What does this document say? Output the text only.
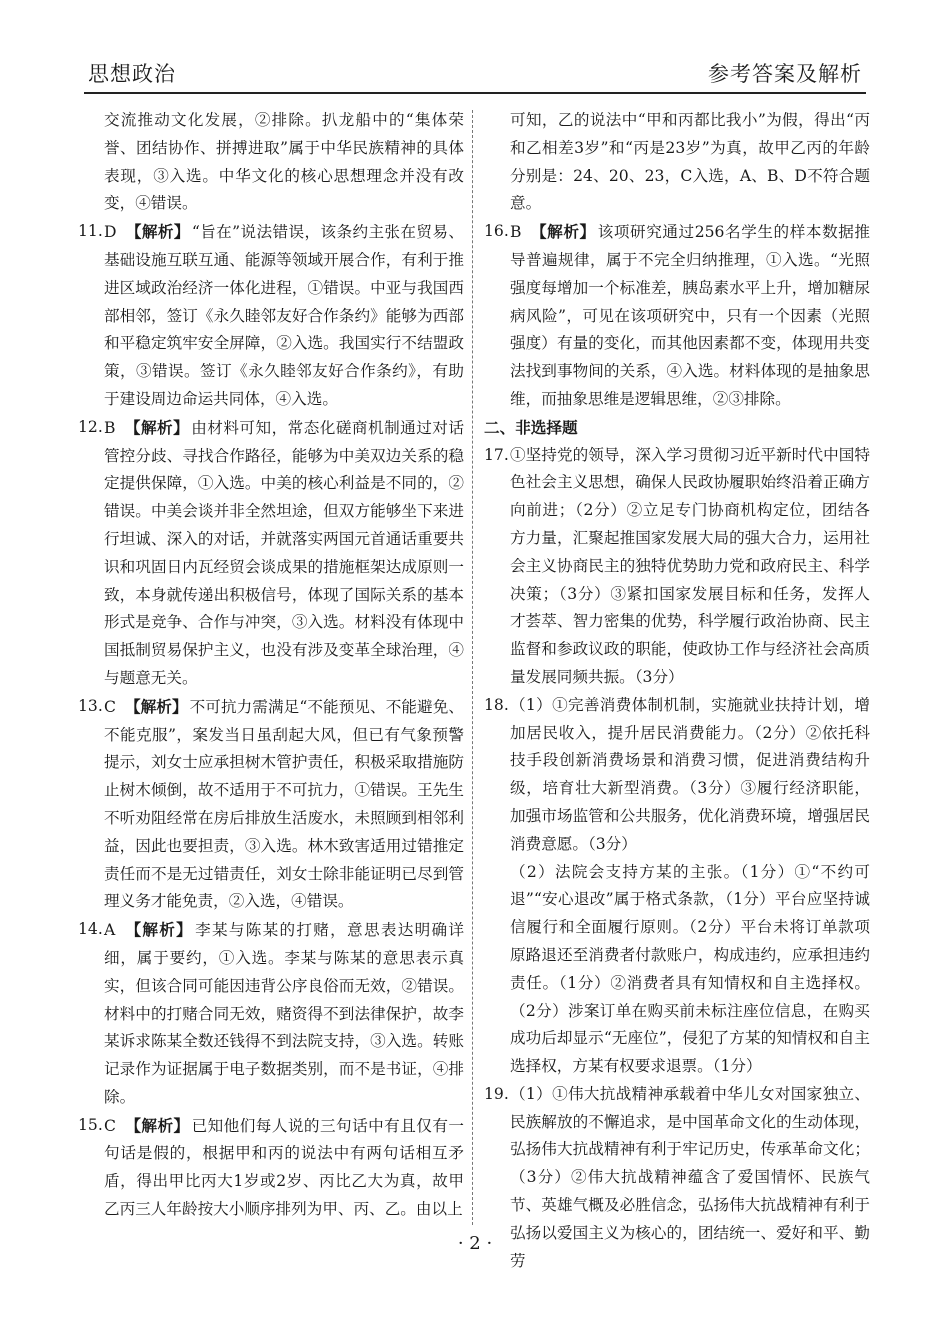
思想政治	参考答案及解析
交流推动文化发展，②排除。扒龙船中的“集体荣誉、团结协作、拼搏进取”属于中华民族精神的具体表现，③入选。中华文化的核心思想理念并没有改变，④错误。
11. D 【解析】 “旨在”说法错误，该条约主张在贸易、基础设施互联互通、能源等领域开展合作，有利于推进区域政治经济一体化进程，①错误。中亚与我国西部相邻，签订《永久睦邻友好合作条约》能够为西部和平稳定筑牢安全屏障，②入选。我国实行不结盟政策，③错误。签订《永久睦邻友好合作条约》，有助于建设周边命运共同体，④入选。
12. B 【解析】 由材料可知，常态化磋商机制通过对话管控分歧、寻找合作路径，能够为中美双边关系的稳定提供保障，①入选。中美的核心利益是不同的，②错误。中美会谈并非全然坦途，但双方能够坐下来进行坦诚、深入的对话，并就落实两国元首通话重要共识和巩固日内瓦经贸会谈成果的措施框架达成原则一致，本身就传递出积极信号，体现了国际关系的基本形式是竞争、合作与冲突，③入选。材料没有体现中国抵制贸易保护主义，也没有涉及变革全球治理，④与题意无关。
13. C 【解析】 不可抗力需满足“不能预见、不能避免、不能克服”，案发当日虽刮起大风，但已有气象预警提示，刘女士应承担树木管护责任，积极采取措施防止树木倾倒，故不适用于不可抗力，①错误。王先生不听劝阻经常在房后排放生活废水，未照顾到相邻利益，因此也要担责，③入选。林木致害适用过错推定责任而不是无过错责任，刘女士除非能证明已尽到管理义务才能免责，②入选，④错误。
14. A 【解析】 李某与陈某的打赌，意思表达明确详细，属于要约，①入选。李某与陈某的意思表示真实，但该合同可能因违背公序良俗而无效，②错误。材料中的打赌合同无效，赌资得不到法律保护，故李某诉求陈某全数还钱得不到法院支持，③入选。转账记录作为证据属于电子数据类别，而不是书证，④排除。
15. C 【解析】 已知他们每人说的三句话中有且仅有一句话是假的，根据甲和丙的说法中有两句话相互矛盾，得出甲比丙大1岁或2岁、丙比乙大为真，故甲乙丙三人年龄按大小顺序排列为甲、丙、乙。由以上
可知，乙的说法中“甲和丙都比我小”为假，得出“丙和乙相差3岁”和“丙是23岁”为真，故甲乙丙的年龄分别是：24、20、23，C入选，A、B、D不符合题意。
16. B 【解析】 该项研究通过256名学生的样本数据推导普遍规律，属于不完全归纳推理，①入选。“光照强度每增加一个标准差，胰岛素水平上升，增加糖尿病风险”，可见在该项研究中，只有一个因素（光照强度）有量的变化，而其他因素都不变，体现用共变法找到事物间的关系，④入选。材料体现的是抽象思维，而抽象思维是逻辑思维，②③排除。
二、非选择题
17. ①坚持党的领导，深入学习贯彻习近平新时代中国特色社会主义思想，确保人民政协履职始终沿着正确方向前进；（2分）②立足专门协商机构定位，团结各方力量，汇聚起推国家发展大局的强大合力，运用社会主义协商民主的独特优势助力党和政府民主、科学决策；（3分）③紧扣国家发展目标和任务，发挥人才荟萃、智力密集的优势，科学履行政治协商、民主监督和参政议政的职能，使政协工作与经济社会高质量发展同频共振。（3分）
18. （1）①完善消费体制机制，实施就业扶持计划，增加居民收入，提升居民消费能力。（2分）②依托科技手段创新消费场景和消费习惯，促进消费结构升级，培育壮大新型消费。（3分）③履行经济职能，加强市场监管和公共服务，优化消费环境，增强居民消费意愿。（3分）
（2）法院会支持方某的主张。（1分）①“不约可退”“安心退改”属于格式条款，（1分）平台应坚持诚信履行和全面履行原则。（2分）平台未将订单款项原路退还至消费者付款账户，构成违约，应承担违约责任。（1分）②消费者具有知情权和自主选择权。（2分）涉案订单在购买前未标注座位信息，在购买成功后却显示“无座位”，侵犯了方某的知情权和自主选择权，方某有权要求退票。（1分）
19. （1）①伟大抗战精神承载着中华儿女对国家独立、民族解放的不懈追求，是中国革命文化的生动体现，弘扬伟大抗战精神有利于牢记历史，传承革命文化；（3分）②伟大抗战精神蕴含了爱国情怀、民族气节、英雄气概及必胜信念，弘扬伟大抗战精神有利于弘扬以爱国主义为核心的，团结统一、爱好和平、勤劳
· 2 ·
